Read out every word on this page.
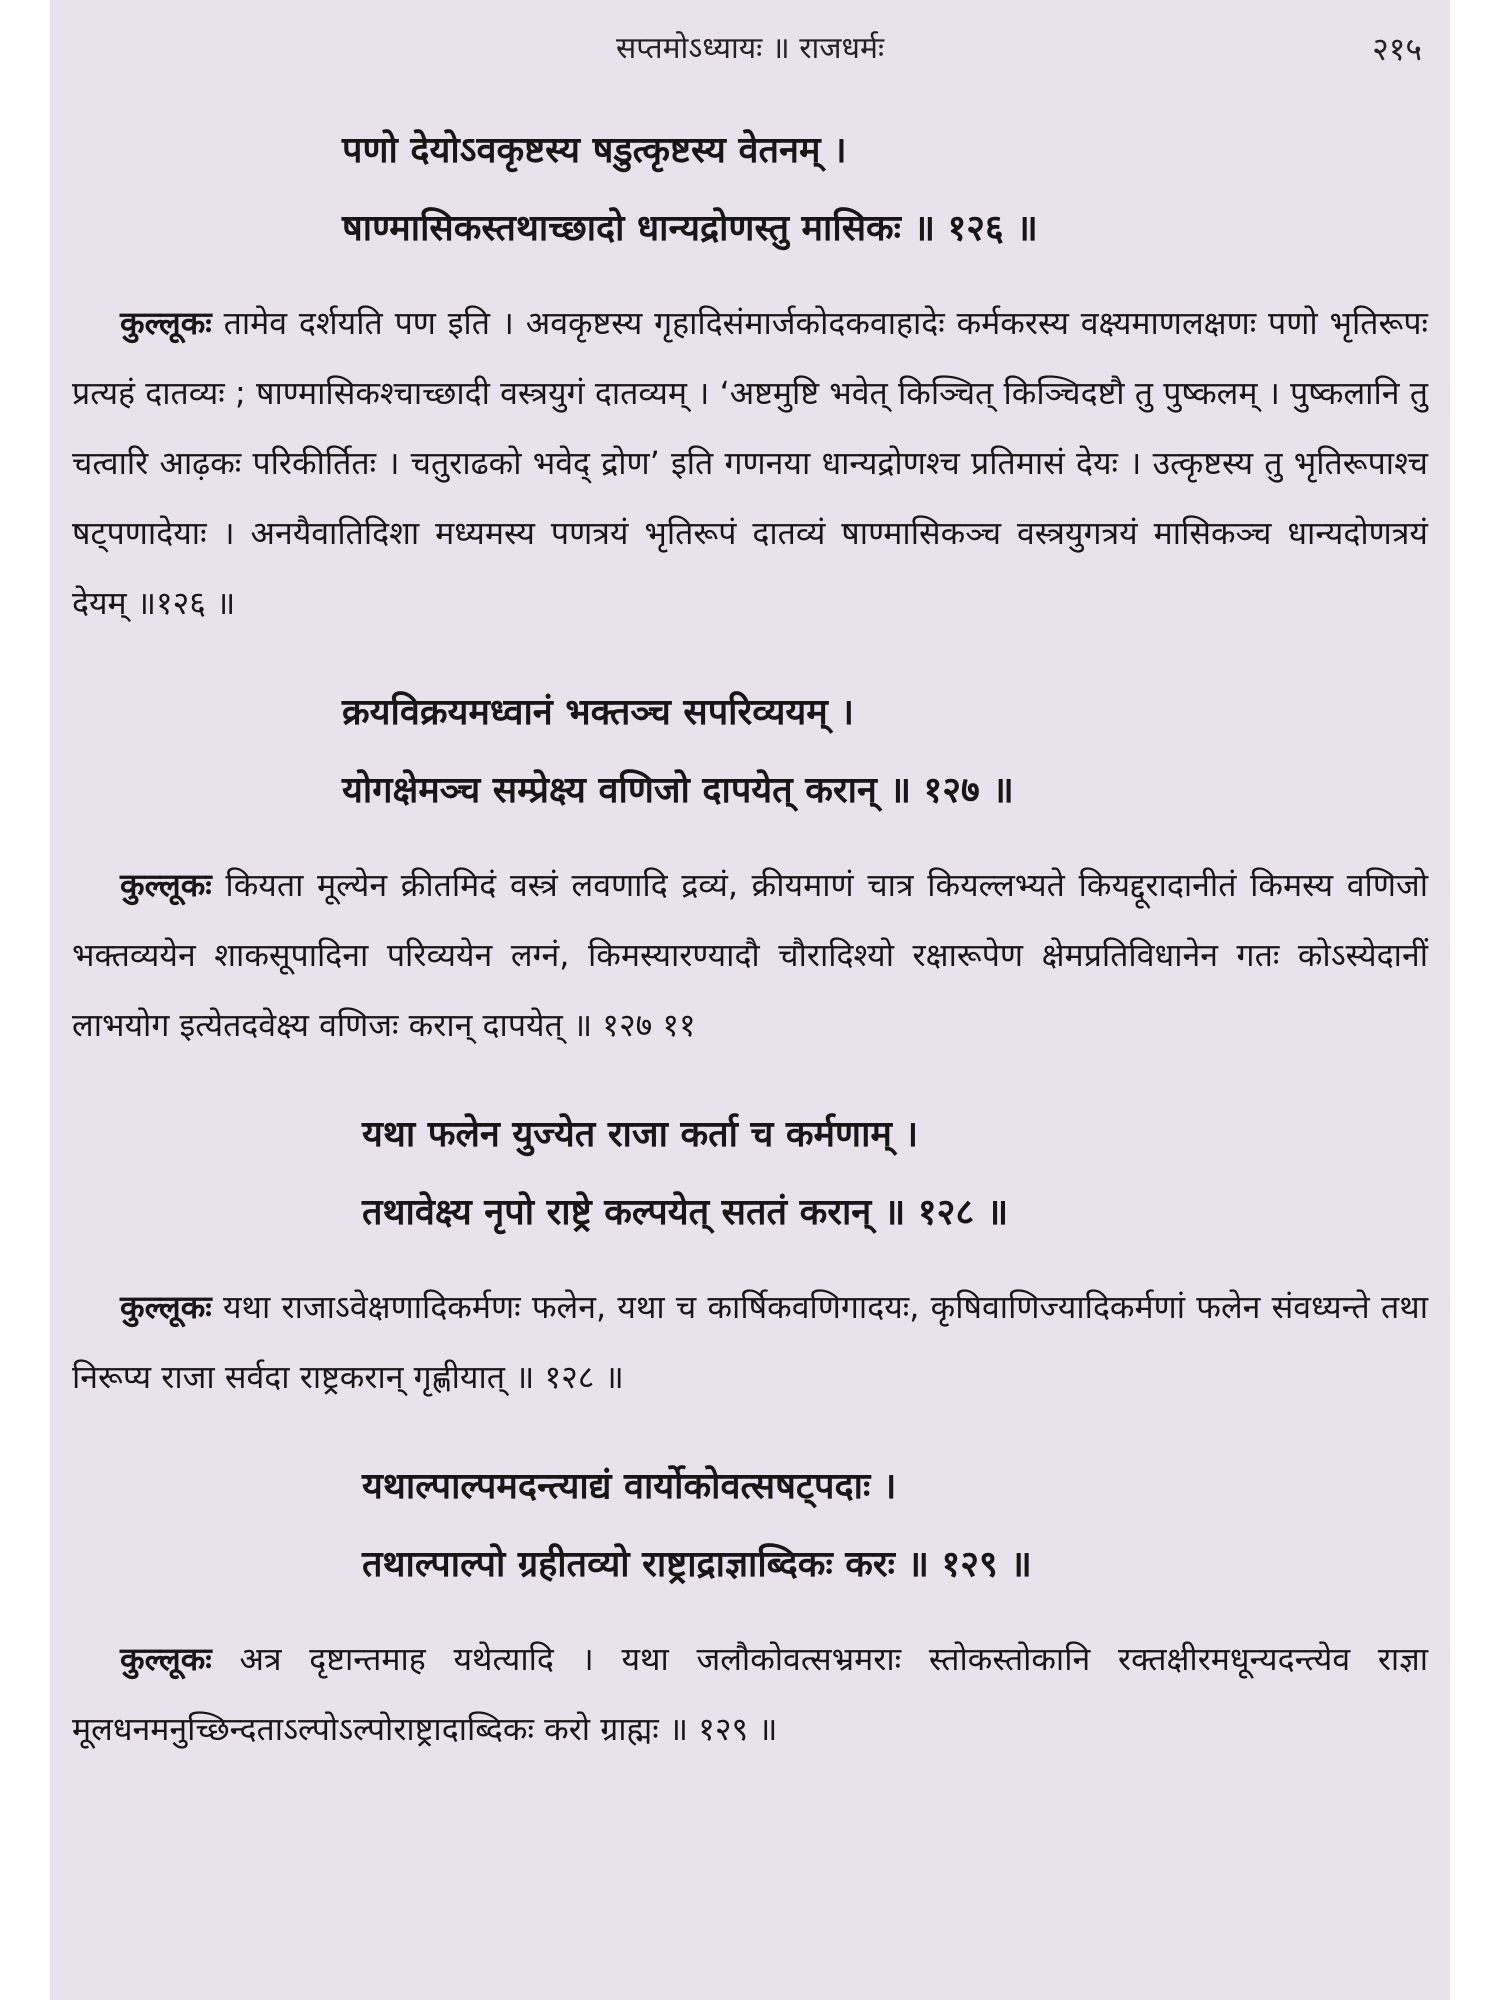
सप्तमोऽध्यायः ॥ राजधर्मः	२१५
पणो देयोऽवकृष्टस्य षडुत्कृष्टस्य वेतनम् ।
षाण्मासिकस्तथाच्छादो धान्यद्रोणस्तु मासिकः ॥ १२६ ॥
कुल्लूकः तामेव दर्शयति पण इति । अवकृष्टस्य गृहादिसंमार्जकोदकवाहादेः कर्मकरस्य वक्ष्यमाणलक्षणः पणो भृतिरूपः प्रत्यहं दातव्यः ; षाण्मासिकश्चाच्छादी वस्त्रयुगं दातव्यम् । ‘अष्टमुष्टि भवेत् किञ्चित् किञ्चिदष्टौ तु पुष्कलम् । पुष्कलानि तु चत्वारि आढ़कः परिकीर्तितः । चतुराढको भवेद् द्रोण’ इति गणनया धान्यद्रोणश्च प्रतिमासं देयः । उत्कृष्टस्य तु भृतिरूपाश्च षट्पणादेयाः । अनयैवातिदिशा मध्यमस्य पणत्रयं भृतिरूपं दातव्यं षाण्मासिकञ्च वस्त्रयुगत्रयं मासिकञ्च धान्यदोणत्रयं देयम् ॥१२६ ॥
क्रयविक्रयमध्वानं भक्तञ्च सपरिव्ययम् ।
योगक्षेमञ्च सम्प्रेक्ष्य वणिजो दापयेत् करान् ॥ १२७ ॥
कुल्लूकः कियता मूल्येन क्रीतमिदं वस्त्रं लवणादि द्रव्यं, क्रीयमाणं चात्र कियल्लभ्यते कियद्दूरादानीतं किमस्य वणिजो भक्तव्ययेन शाकसूपादिना परिव्ययेन लग्नं, किमस्यारण्यादौ चौरादिश्यो रक्षारूपेण क्षेमप्रतिविधानेन गतः कोऽस्येदानीं लाभयोग इत्येतदवेक्ष्य वणिजः करान् दापयेत् ॥ १२७ ११
यथा फलेन युज्येत राजा कर्ता च कर्मणाम् ।
तथावेक्ष्य नृपो राष्ट्रे कल्पयेत् सततं करान् ॥ १२८ ॥
कुल्लूकः यथा राजाऽवेक्षणादिकर्मणः फलेन, यथा च कार्षिकवणिगादयः, कृषिवाणिज्यादिकर्मणां फलेन संवध्यन्ते तथा निरूप्य राजा सर्वदा राष्ट्रकरान् गृह्णीयात् ॥ १२८ ॥
यथाल्पाल्पमदन्त्याद्यं वार्योकोवत्सषट्पदाः ।
तथाल्पाल्पो ग्रहीतव्यो राष्ट्राद्राज्ञाब्दिकः करः ॥ १२९ ॥
कुल्लूकः अत्र दृष्टान्तमाह यथेत्यादि । यथा जलौकोवत्सभ्रमराः स्तोकस्तोकानि रक्तक्षीरमधून्यदन्त्येव राज्ञा मूलधनमनुच्छिन्दताऽल्पोऽल्पोराष्ट्रादाब्दिकः करो ग्राह्मः ॥ १२९ ॥
